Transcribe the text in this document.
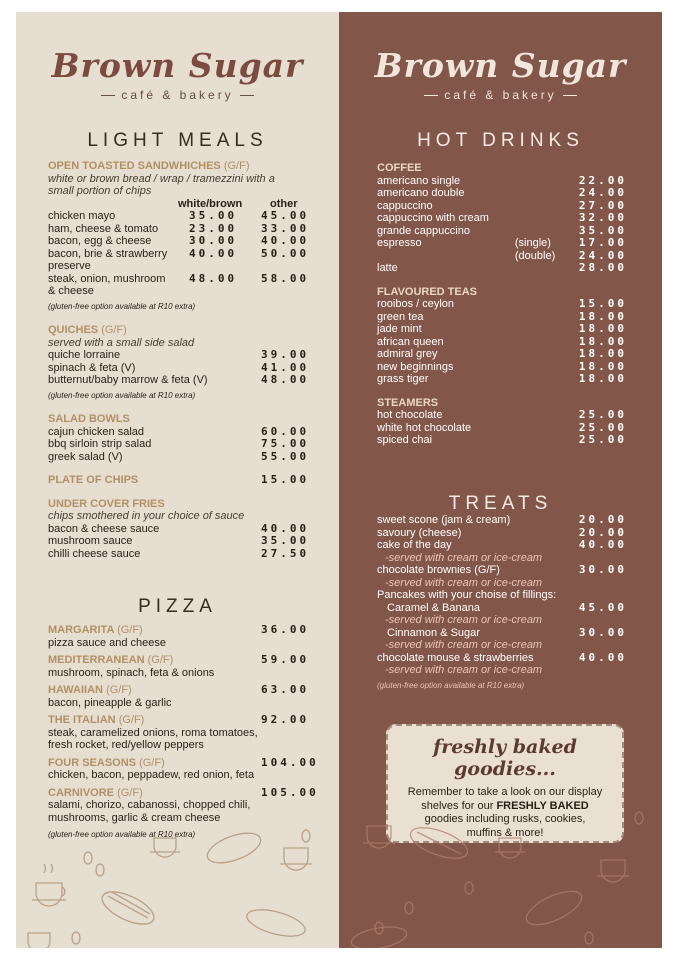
Brown Sugar
café & bakery
LIGHT MEALS
OPEN TOASTED SANDWHICHES (G/F)
white or brown bread / wrap / tramezzini with a
small portion of chips
white/brown	other
chicken mayo	35.00	45.00
ham, cheese & tomato	23.00	33.00
bacon, egg & cheese	30.00	40.00
bacon, brie & strawberry	40.00	50.00
preserve
steak, onion, mushroom	48.00	58.00
& cheese
(gluten-free option available at R10 extra)
QUICHES (G/F)
served with a small side salad
quiche lorraine	39.00
spinach & feta (V)	41.00
butternut/baby marrow & feta (V)	48.00
(gluten-free option available at R10 extra)
SALAD BOWLS
cajun chicken salad	60.00
bbq sirloin strip salad	75.00
greek salad (V)	55.00
PLATE OF CHIPS	15.00
UNDER COVER FRIES
chips smothered in your choice of sauce
bacon & cheese sauce	40.00
mushroom sauce	35.00
chilli cheese sauce	27.50
PIZZA
MARGARITA (G/F)	36.00
pizza sauce and cheese
MEDITERRANEAN (G/F)	59.00
mushroom, spinach, feta & onions
HAWAIIAN (G/F)	63.00
bacon, pineapple & garlic
THE ITALIAN (G/F)	92.00
steak, caramelized onions, roma tomatoes,
fresh rocket, red/yellow peppers
FOUR SEASONS (G/F)	104.00
chicken, bacon, peppadew, red onion, feta
CARNIVORE (G/F)	105.00
salami, chorizo, cabanossi, chopped chili,
mushrooms, garlic & cream cheese
(gluten-free option available at R10 extra)
Brown Sugar
café & bakery
HOT DRINKS
COFFEE
americano single	22.00
americano double	24.00
cappuccino	27.00
cappuccino with cream	32.00
grande cappuccino	35.00
espresso	(single)	17.00
(double)	24.00
latte	28.00
FLAVOURED TEAS
rooibos / ceylon	15.00
green tea	18.00
jade mint	18.00
african queen	18.00
admiral grey	18.00
new beginnings	18.00
grass tiger	18.00
STEAMERS
hot chocolate	25.00
white hot chocolate	25.00
spiced chai	25.00
TREATS
sweet scone (jam & cream)	20.00
savoury (cheese)	20.00
cake of the day	40.00
-served with cream or ice-cream
chocolate brownies (G/F)	30.00
-served with cream or ice-cream
Pancakes with your choise of fillings:
Caramel & Banana	45.00
-served with cream or ice-cream
Cinnamon & Sugar	30.00
-served with cream or ice-cream
chocolate mouse & strawberries	40.00
-served with cream or ice-cream
(gluten-free option available at R10 extra)
freshly baked goodies...
Remember to take a look on our display
shelves for our FRESHLY BAKED
goodies including rusks, cookies,
muffins & more!
